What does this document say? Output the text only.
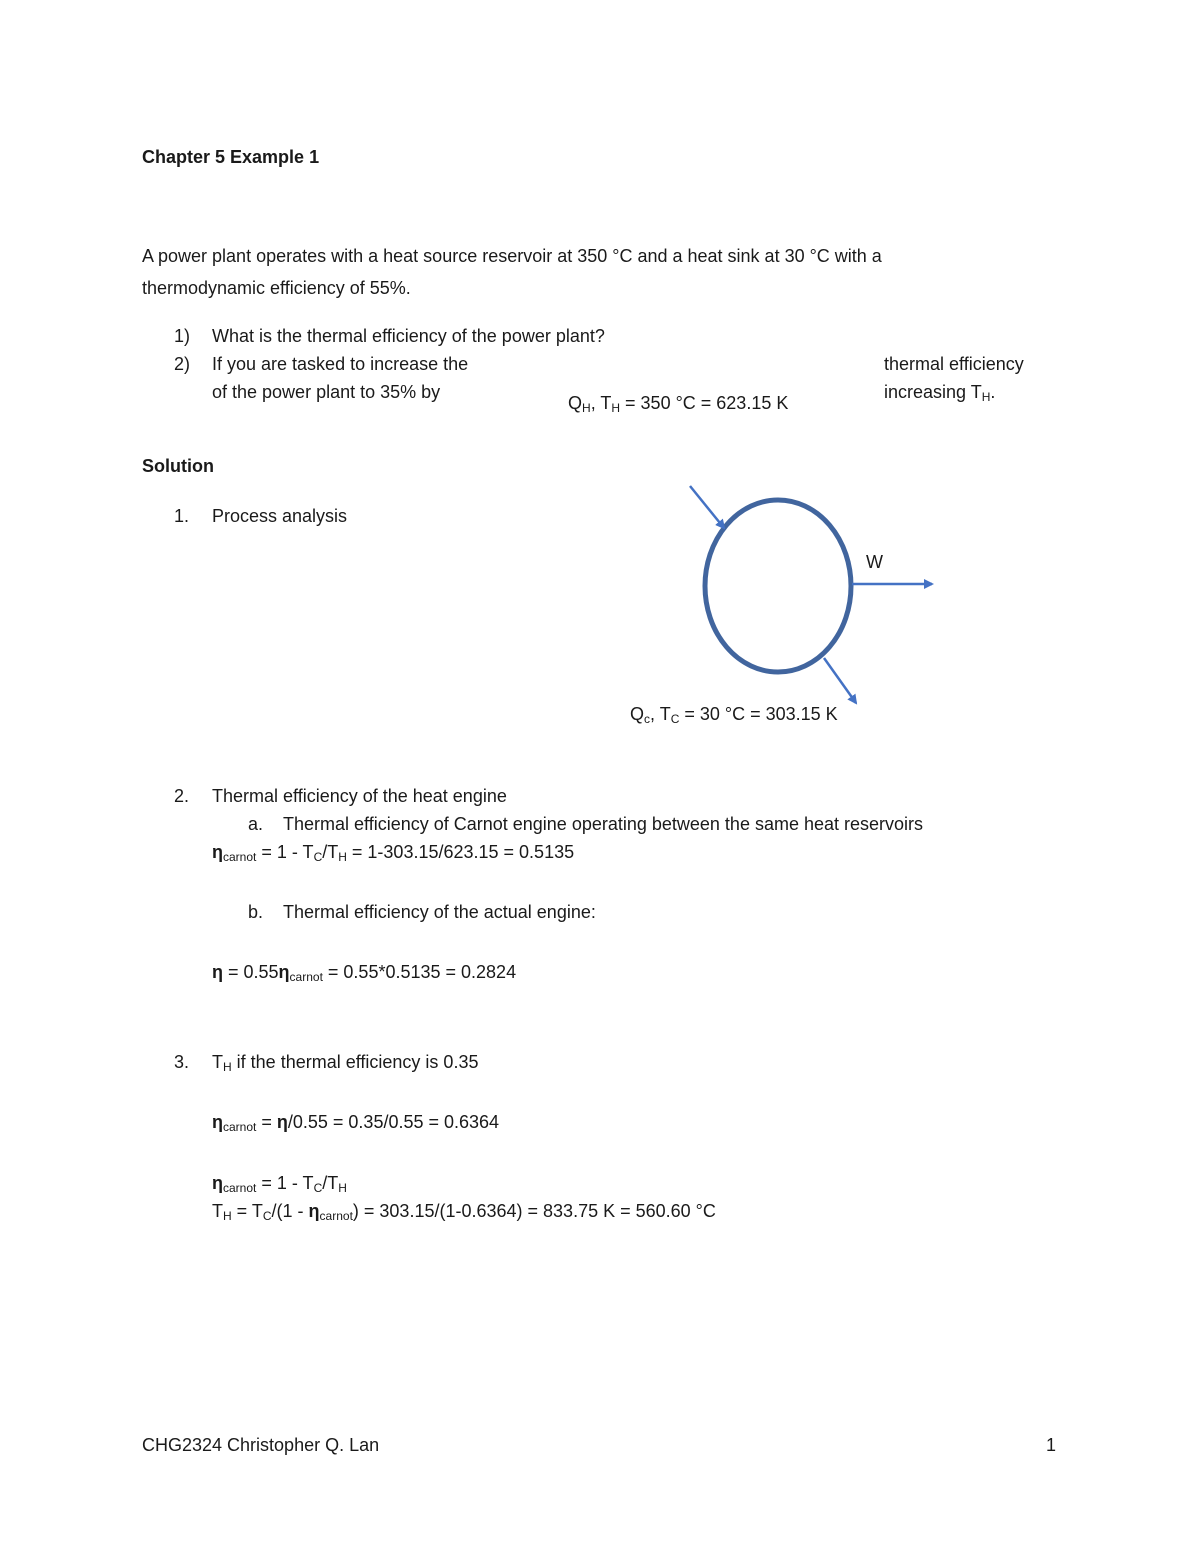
Chapter 5 Example 1
A power plant operates with a heat source reservoir at 350 °C and a heat sink at 30 °C with a
thermodynamic efficiency of 55%.
1) What is the thermal efficiency of the power plant?
2) If you are tasked to increase the	thermal efficiency
of the power plant to 35% by	increasing $T_H$.
$Q_H$, $T_H = 350$ °C = 623.15 K
W
$Q_c$, $T_C = 30$ °C = 303.15 K
Solution
1. Process analysis
2. Thermal efficiency of the heat engine
a. Thermal efficiency of Carnot engine operating between the same heat reservoirs
$\eta_{carnot} = 1 - T_C/T_H = 1-303.15/623.15 = 0.5135$
b. Thermal efficiency of the actual engine:
$\eta = 0.55\eta_{carnot} = 0.55*0.5135 = 0.2824$
3. $T_H$ if the thermal efficiency is 0.35
$\eta_{carnot} = \eta/0.55 = 0.35/0.55 = 0.6364$
$\eta_{carnot} = 1 - T_C/T_H$
$T_H = T_C/(1 - \eta_{carnot}) = 303.15/(1-0.6364) = 833.75$ K = 560.60 °C
CHG2324 Christopher Q. Lan	1
